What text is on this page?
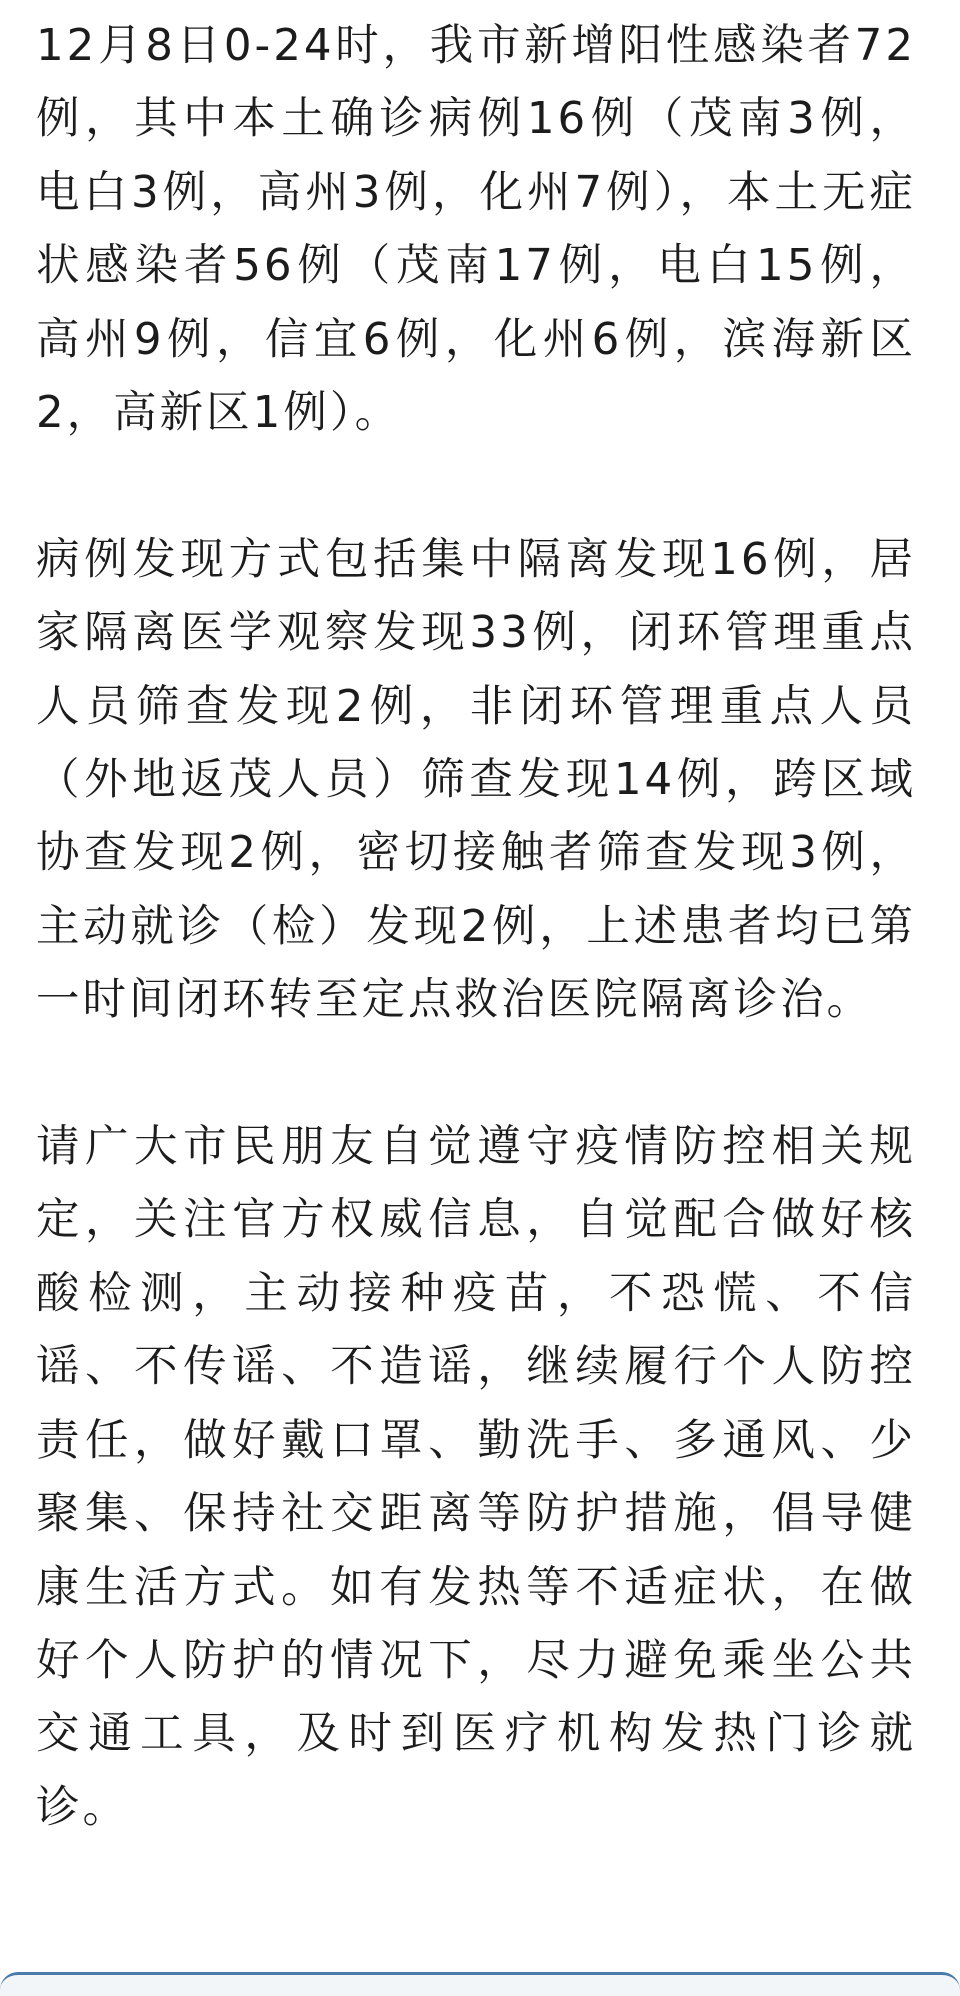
12月8日0-24时，我市新增阳性感染者72例，其中本土确诊病例16例（茂南3例，电白3例，高州3例，化州7例），本土无症状感染者56例（茂南17例，电白15例，高州9例，信宜6例，化州6例，滨海新区2，高新区1例）。

病例发现方式包括集中隔离发现16例，居家隔离医学观察发现33例，闭环管理重点人员筛查发现2例，非闭环管理重点人员（外地返茂人员）筛查发现14例，跨区域协查发现2例，密切接触者筛查发现3例，主动就诊（检）发现2例，上述患者均已第一时间闭环转至定点救治医院隔离诊治。

请广大市民朋友自觉遵守疫情防控相关规定，关注官方权威信息，自觉配合做好核酸检测，主动接种疫苗，不恐慌、不信谣、不传谣、不造谣，继续履行个人防控责任，做好戴口罩、勤洗手、多通风、少聚集、保持社交距离等防护措施，倡导健康生活方式。如有发热等不适症状，在做好个人防护的情况下，尽力避免乘坐公共交通工具，及时到医疗机构发热门诊就诊。
